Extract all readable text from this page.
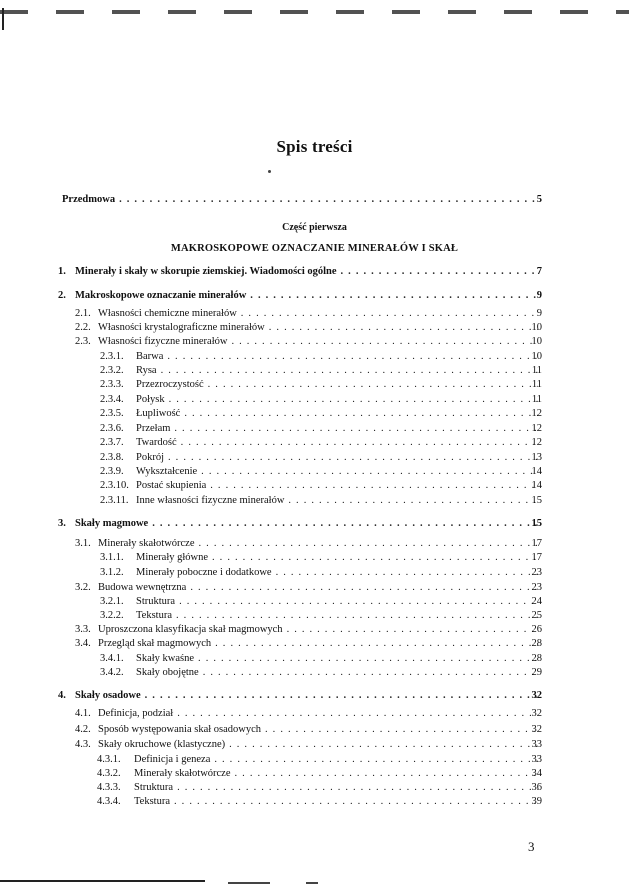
Spis treści
Przedmowa . . .	5
Część pierwsza
MAKROSKOPOWE OZNACZANIE MINERAŁÓW I SKAŁ
1. Minerały i skały w skorupie ziemskiej. Wiadomości ogólne . . .	7
2. Makroskopowe oznaczanie minerałów . . .	9
2.1. Własności chemiczne minerałów . . .	9
2.2. Własności krystalograficzne minerałów . . .	10
2.3. Własności fizyczne minerałów . . .	10
2.3.1.	Barwa . . .	10
2.3.2.	Rysa . . .	11
2.3.3.	Przezroczystość . . .	11
2.3.4.	Połysk . . .	11
2.3.5.	Łupliwość . . .	12
2.3.6.	Przełam . . .	12
2.3.7.	Twardość . . .	12
2.3.8.	Pokrój . . .	13
2.3.9.	Wykształcenie . . .	14
2.3.10. Postać skupienia . . .	14
2.3.11. Inne własności fizyczne minerałów . . .	15
3. Skały magmowe . . .	15
3.1. Minerały skałotwórcze . . .	17
3.1.1.	Minerały główne . . .	17
3.1.2.	Minerały poboczne i dodatkowe . . .	23
3.2. Budowa wewnętrzna . . .	23
3.2.1.	Struktura . . .	24
3.2.2.	Tekstura . . .	25
3.3. Uproszczona klasyfikacja skał magmowych . . .	26
3.4. Przegląd skał magmowych . . .	28
3.4.1.	Skały kwaśne . . .	28
3.4.2.	Skały obojętne . . .	29
4. Skały osadowe . . .	32
4.1. Definicja, podział . . .	32
4.2. Sposób występowania skał osadowych . . .	32
4.3. Skały okruchowe (klastyczne) . . .	33
4.3.1.	Definicja i geneza . . .	33
4.3.2.	Minerały skałotwórcze . . .	34
4.3.3.	Struktura . . .	36
4.3.4.	Tekstura . . .	39
3
